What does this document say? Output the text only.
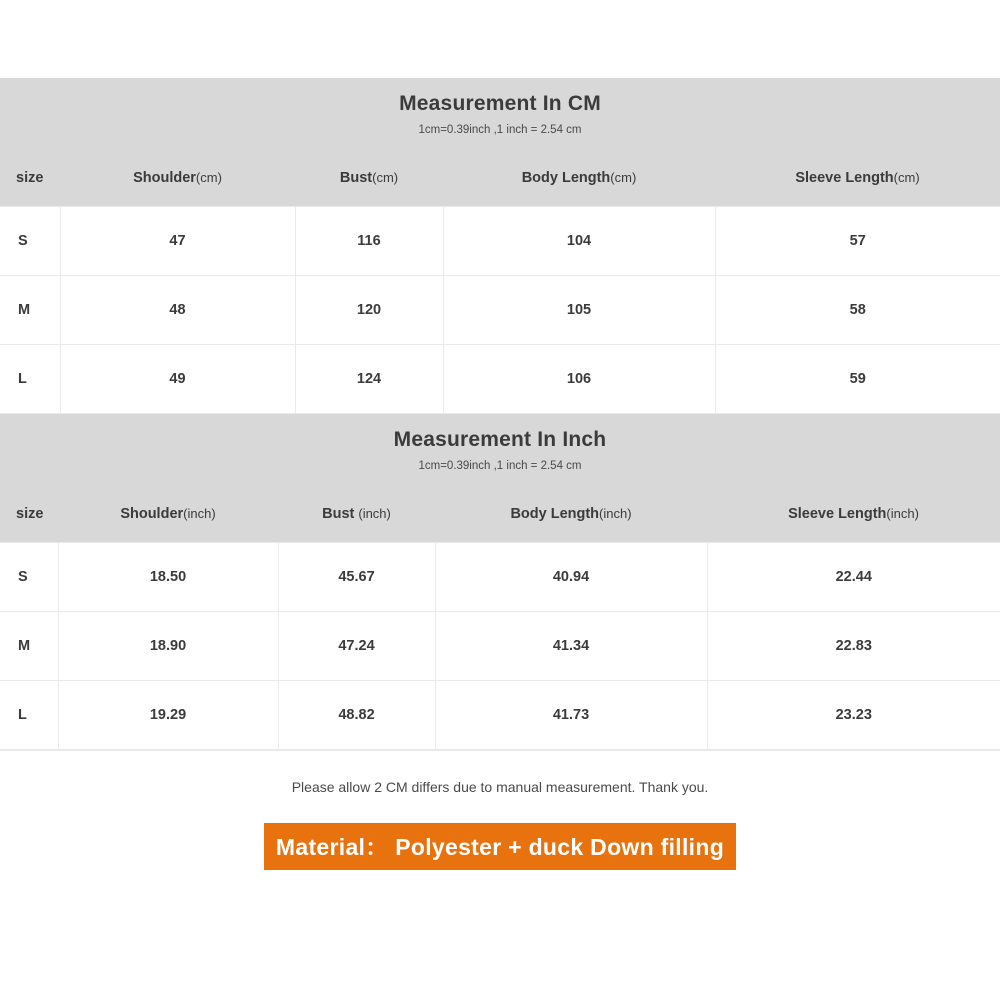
Measurement In CM
1cm=0.39inch ,1 inch = 2.54 cm
size	Shoulder(cm)	Bust(cm)	Body Length(cm)	Sleeve Length(cm)
S	47	116	104	57
M	48	120	105	58
L	49	124	106	59
Measurement In Inch
1cm=0.39inch ,1 inch = 2.54 cm
size	Shoulder(inch)	Bust (inch)	Body Length(inch)	Sleeve Length(inch)
S	18.50	45.67	40.94	22.44
M	18.90	47.24	41.34	22.83
L	19.29	48.82	41.73	23.23
Please allow 2 CM differs due to manual measurement. Thank you.
Material： Polyester + duck Down filling
